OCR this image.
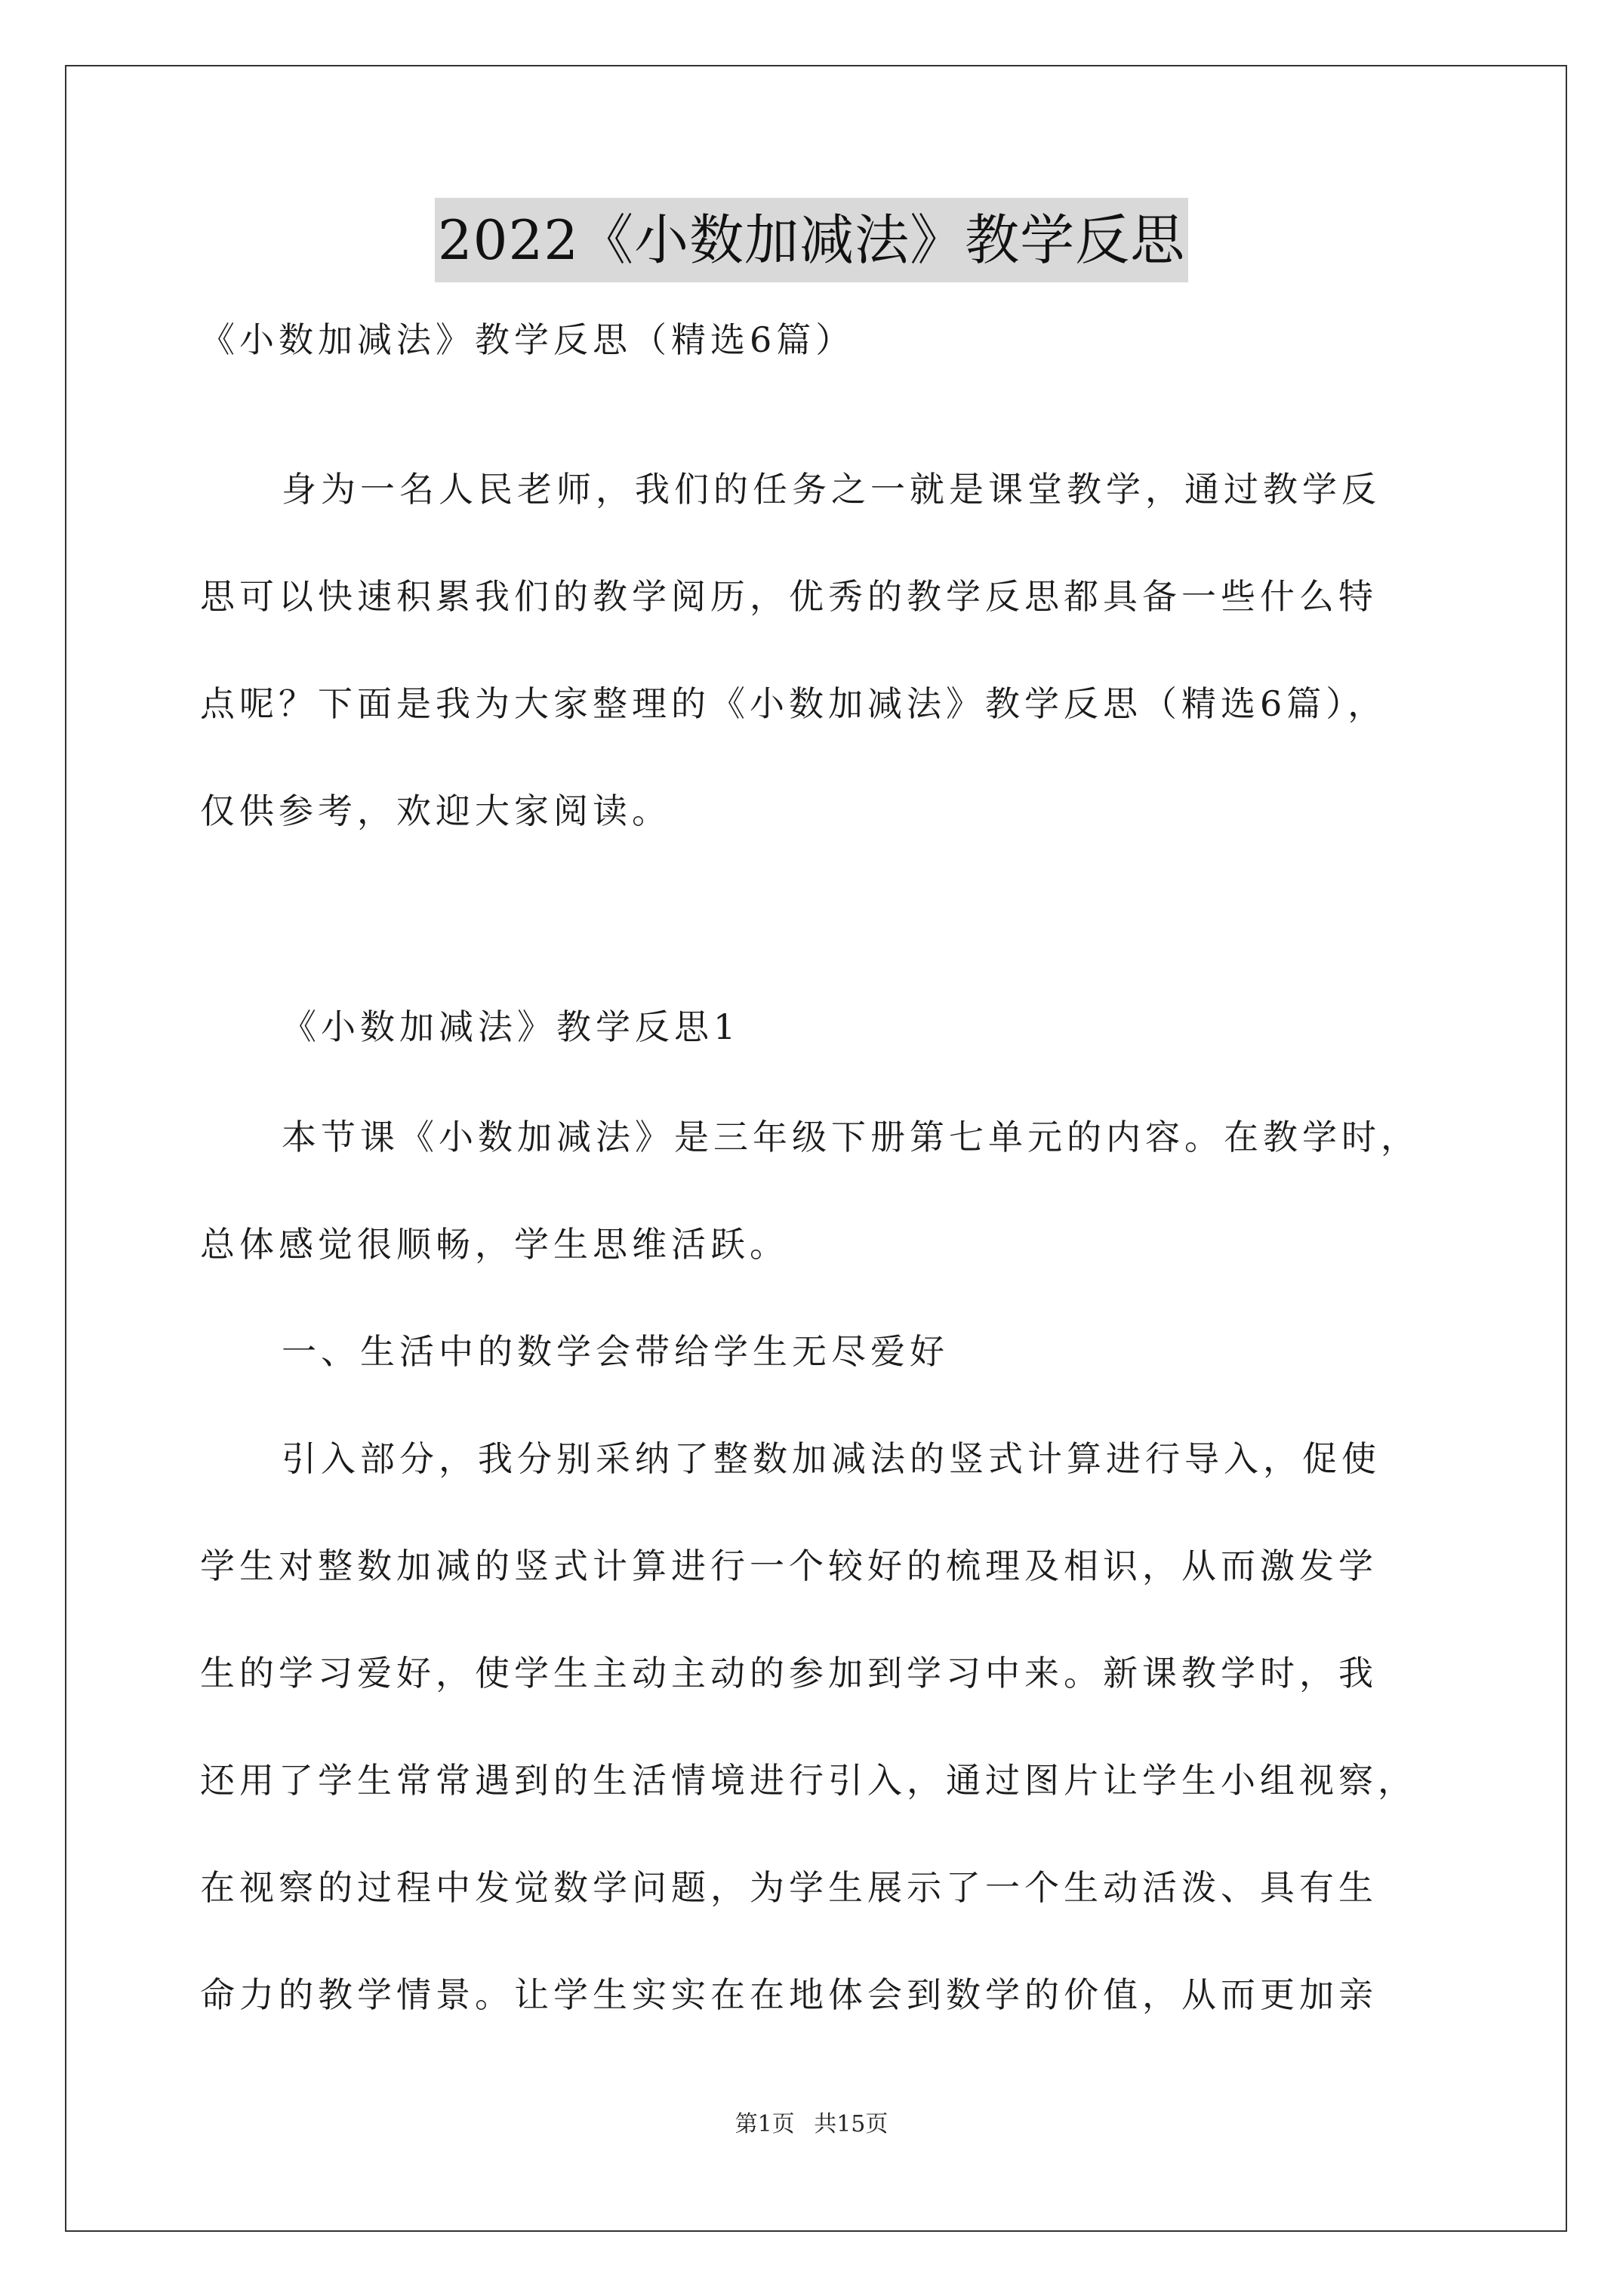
2022《小数加减法》教学反思
《小数加减法》教学反思（精选6篇）
身为一名人民老师，我们的任务之一就是课堂教学，通过教学反
思可以快速积累我们的教学阅历，优秀的教学反思都具备一些什么特
点呢？下面是我为大家整理的《小数加减法》教学反思（精选6篇），
仅供参考，欢迎大家阅读。
《小数加减法》教学反思1
本节课《小数加减法》是三年级下册第七单元的内容。在教学时，
总体感觉很顺畅，学生思维活跃。
一、生活中的数学会带给学生无尽爱好
引入部分，我分别采纳了整数加减法的竖式计算进行导入，促使
学生对整数加减的竖式计算进行一个较好的梳理及相识，从而激发学
生的学习爱好，使学生主动主动的参加到学习中来。新课教学时，我
还用了学生常常遇到的生活情境进行引入，通过图片让学生小组视察，
在视察的过程中发觉数学问题，为学生展示了一个生动活泼、具有生
命力的教学情景。让学生实实在在地体会到数学的价值，从而更加亲
第1页 共15页
